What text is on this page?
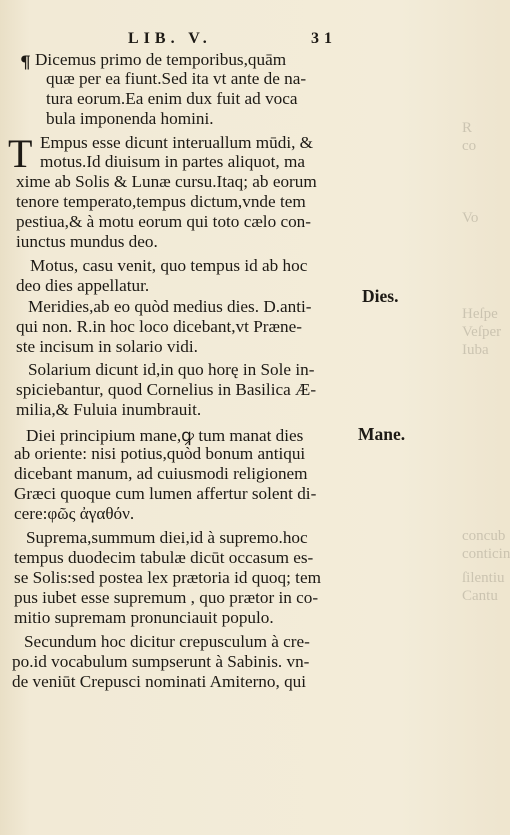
LIB. V.	31
R
co
Vo
Heſpe
Veſper
Iuba
concub
conticin
ſilentiu
Cantu
¶
T
Dicemus primo de temporibus,quām
quæ per ea fiunt.Sed ita vt ante de na-
tura eorum.Ea enim dux fuit ad voca
bula imponenda homini.
Empus esse dicunt interuallum mūdi, &
motus.Id diuisum in partes aliquot, ma
xime ab Solis & Lunæ cursu.Itaq; ab eorum
tenore temperato,tempus dictum,vnde tem
pestiua,& à motu eorum qui toto cælo con-
iunctus mundus deo.
Motus, casu venit, quo tempus id ab hoc
deo dies appellatur.
Meridies,ab eo quòd medius dies. D.anti-
qui non. R.in hoc loco dicebant,vt Præne-
ste incisum in solario vidi.
Solarium dicunt id,in quo horę in Sole in-
spiciebantur, quod Cornelius in Basilica Æ-
milia,& Fuluia inumbrauit.
Diei principium mane,ꝙ tum manat dies
ab oriente: nisi potius,quòd bonum antiqui
dicebant manum, ad cuiusmodi religionem
Græci quoque cum lumen affertur solent di-
cere:φῶς ἀγαθόν.
Suprema,summum diei,id à supremo.hoc
tempus duodecim tabulæ dicūt occasum es-
se Solis:sed postea lex prætoria id quoq; tem
pus iubet esse supremum , quo prætor in co-
mitio supremam pronunciauit populo.
Secundum hoc dicitur crepusculum à cre-
po.id vocabulum sumpserunt à Sabinis. vn-
de veniūt Crepusci nominati Amiterno, qui
Dies.
Mane.
